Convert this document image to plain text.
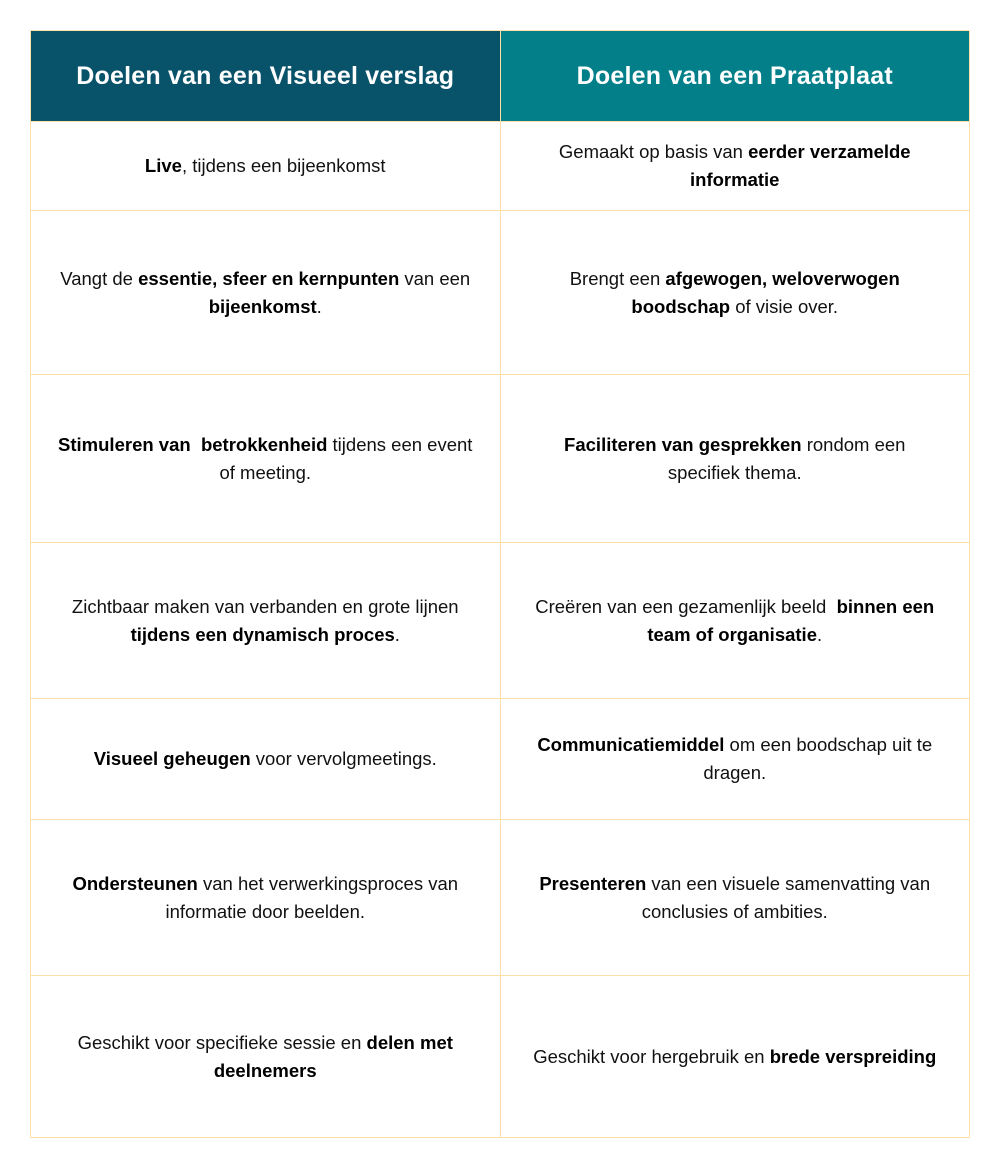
Doelen van een Visueel verslag	Doelen van een Praatplaat
Live, tijdens een bijeenkomst	Gemaakt op basis van eerder verzamelde informatie
Vangt de essentie, sfeer en kernpunten van een
bijeenkomst.	Brengt een afgewogen, weloverwogen boodschap of visie over.
Stimuleren van  betrokkenheid tijdens een event of meeting.	Faciliteren van gesprekken rondom een specifiek thema.
Zichtbaar maken van verbanden en grote lijnen
tijdens een dynamisch proces.	Creëren van een gezamenlijk beeld  binnen een team of organisatie.
Visueel geheugen voor vervolgmeetings.	Communicatiemiddel om een boodschap uit te dragen.
Ondersteunen van het verwerkingsproces van
informatie door beelden.	Presenteren van een visuele samenvatting van conclusies of ambities.
Geschikt voor specifieke sessie en delen met
deelnemers	Geschikt voor hergebruik en brede verspreiding
